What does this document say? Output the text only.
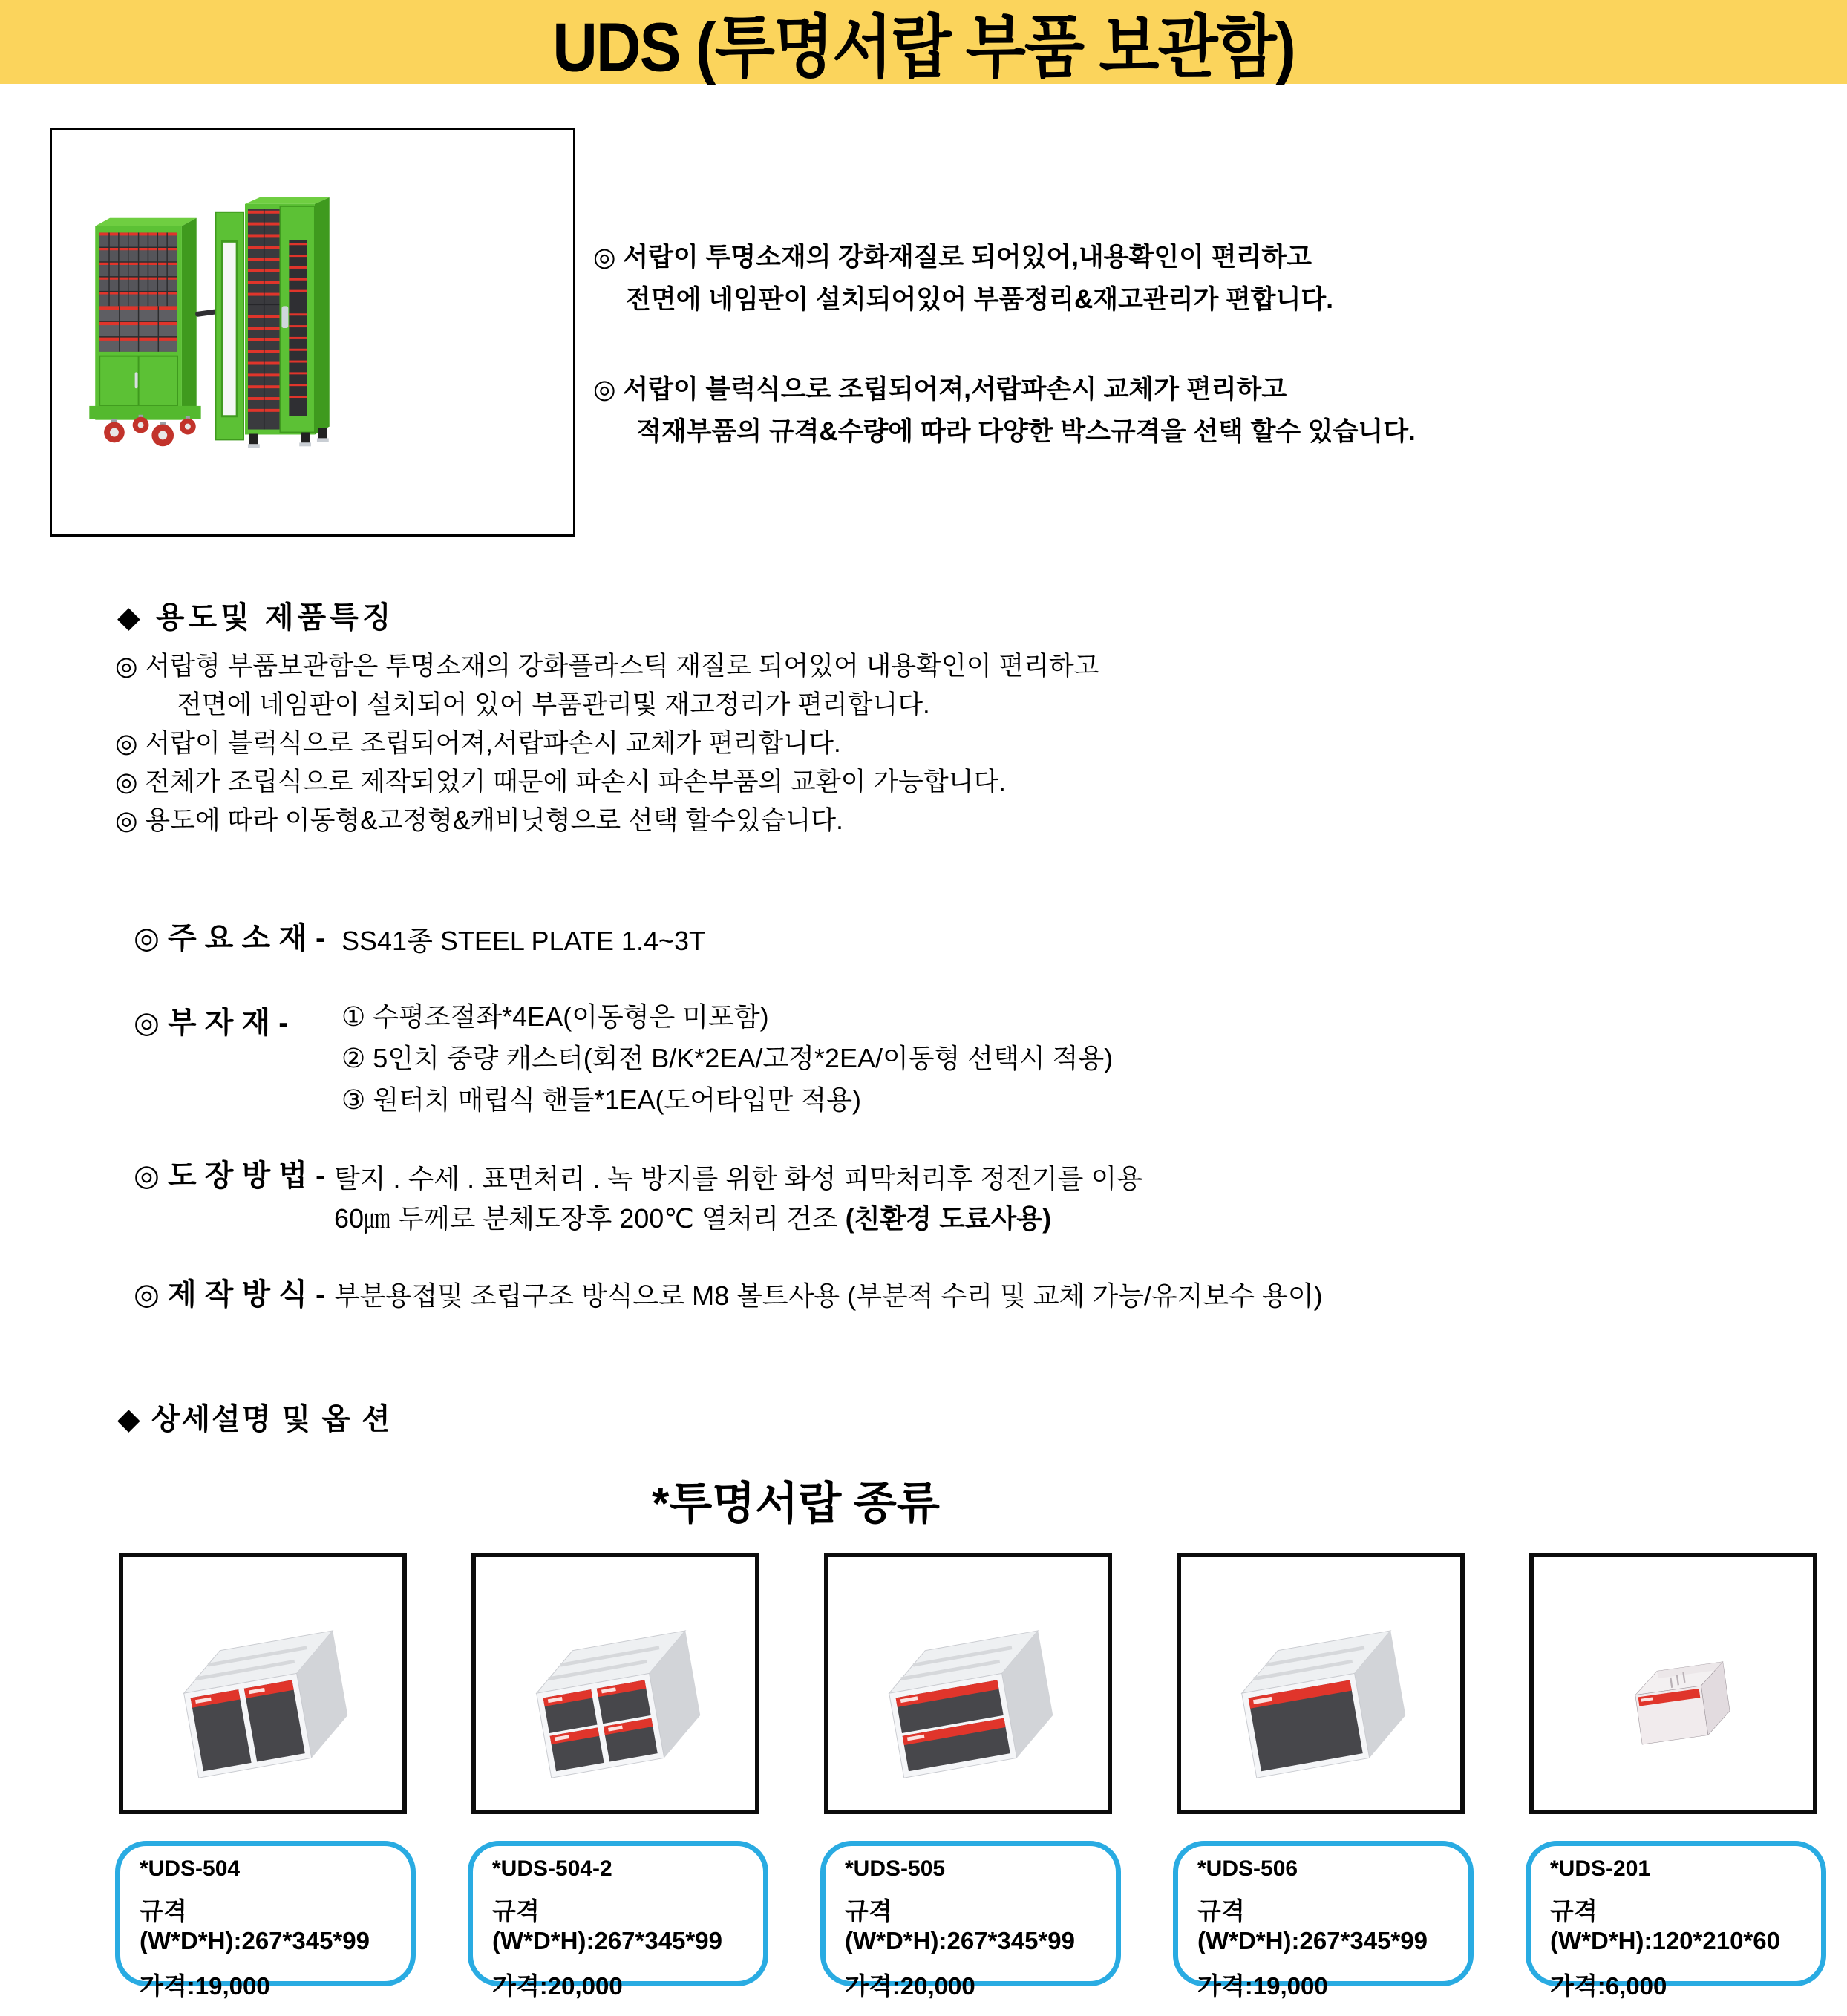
UDS (투명서랍 부품 보관함)
◎ 서랍이 투명소재의 강화재질로 되어있어,내용확인이 편리하고
전면에 네임판이 설치되어있어 부품정리&재고관리가 편합니다.
◎ 서랍이 블럭식으로 조립되어져,서랍파손시 교체가 편리하고
적재부품의 규격&수량에 따라 다양한 박스규격을 선택 할수 있습니다.
◆ 용도및 제품특징
◎ 서랍형 부품보관함은 투명소재의 강화플라스틱 재질로 되어있어 내용확인이 편리하고
전면에 네임판이 설치되어 있어 부품관리및 재고정리가 편리합니다.
◎ 서랍이 블럭식으로 조립되어져,서랍파손시 교체가 편리합니다.
◎ 전체가 조립식으로 제작되었기 때문에 파손시 파손부품의 교환이 가능합니다.
◎ 용도에 따라 이동형&고정형&캐비닛형으로 선택 할수있습니다.
◎ 주 요 소 재 - SS41종 STEEL PLATE 1.4~3T
◎ 부 자 재 - ① 수평조절좌*4EA(이동형은 미포함)
② 5인치 중량 캐스터(회전 B/K*2EA/고정*2EA/이동형 선택시 적용)
③ 원터치 매립식 핸들*1EA(도어타입만 적용)
◎ 도 장 방 법 - 탈지 . 수세 . 표면처리 . 녹 방지를 위한 화성 피막처리후 정전기를 이용
60㎛ 두께로 분체도장후 200℃ 열처리 건조 (친환경 도료사용)
◎ 제 작 방 식 - 부분용접및 조립구조 방식으로 M8 볼트사용 (부분적 수리 및 교체 가능/유지보수 용이)
◆ 상세설명 및 옵 션
*투명서랍 종류
*UDS-504
규격(W*D*H):267*345*99
가격:19,000
*UDS-504-2
규격(W*D*H):267*345*99
가격:20,000
*UDS-505
규격(W*D*H):267*345*99
가격:20,000
*UDS-506
규격(W*D*H):267*345*99
가격:19,000
*UDS-201
규격(W*D*H):120*210*60
가격:6,000
